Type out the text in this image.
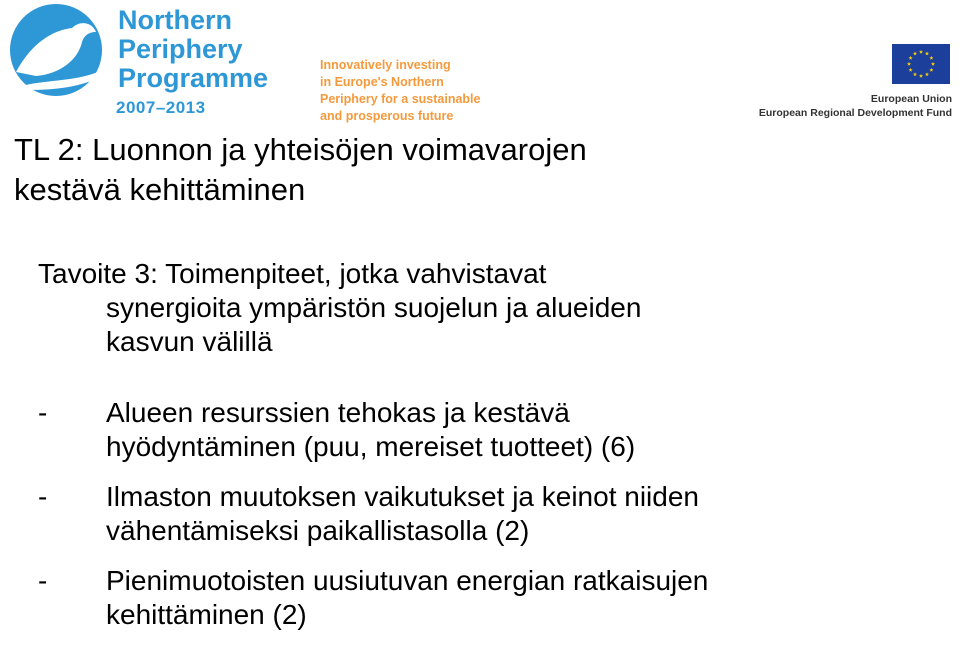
Northern
Periphery
Programme
2007–2013
Innovatively investing
in Europe's Northern
Periphery for a sustainable
and prosperous future
European Union
European Regional Development Fund
TL 2: Luonnon ja yhteisöjen voimavarojen
kestävä kehittäminen
Tavoite 3: Toimenpiteet, jotka vahvistavat
synergioita ympäristön suojelun ja alueiden
kasvun välillä
- Alueen resurssien tehokas ja kestävä
hyödyntäminen (puu, mereiset tuotteet) (6)
- Ilmaston muutoksen vaikutukset ja keinot niiden
vähentämiseksi paikallistasolla (2)
- Pienimuotoisten uusiutuvan energian ratkaisujen
kehittäminen (2)
